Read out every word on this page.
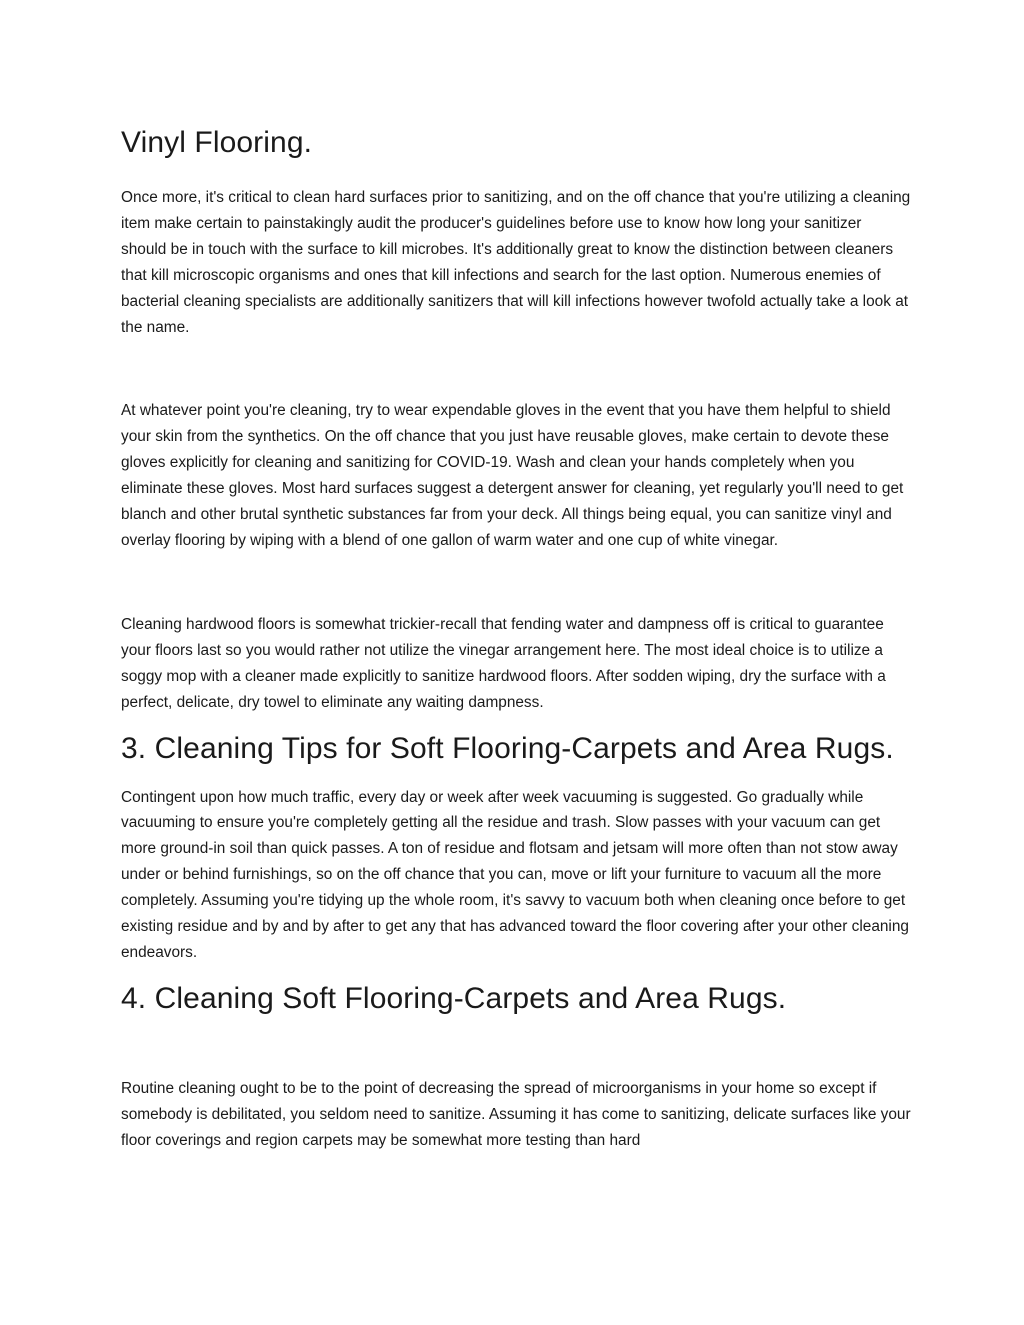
Vinyl Flooring.

Once more, it's critical to clean hard surfaces prior to sanitizing, and on the off chance that you're utilizing a cleaning item make certain to painstakingly audit the producer's guidelines before use to know how long your sanitizer should be in touch with the surface to kill microbes. It's additionally great to know the distinction between cleaners that kill microscopic organisms and ones that kill infections and search for the last option. Numerous enemies of bacterial cleaning specialists are additionally sanitizers that will kill infections however twofold actually take a look at the name.

At whatever point you're cleaning, try to wear expendable gloves in the event that you have them helpful to shield your skin from the synthetics. On the off chance that you just have reusable gloves, make certain to devote these gloves explicitly for cleaning and sanitizing for COVID-19. Wash and clean your hands completely when you eliminate these gloves. Most hard surfaces suggest a detergent answer for cleaning, yet regularly you'll need to get blanch and other brutal synthetic substances far from your deck. All things being equal, you can sanitize vinyl and overlay flooring by wiping with a blend of one gallon of warm water and one cup of white vinegar.

Cleaning hardwood floors is somewhat trickier-recall that fending water and dampness off is critical to guarantee your floors last so you would rather not utilize the vinegar arrangement here. The most ideal choice is to utilize a soggy mop with a cleaner made explicitly to sanitize hardwood floors. After sodden wiping, dry the surface with a perfect, delicate, dry towel to eliminate any waiting dampness.

3. Cleaning Tips for Soft Flooring-Carpets and Area Rugs.

Contingent upon how much traffic, every day or week after week vacuuming is suggested. Go gradually while vacuuming to ensure you're completely getting all the residue and trash. Slow passes with your vacuum can get more ground-in soil than quick passes. A ton of residue and flotsam and jetsam will more often than not stow away under or behind furnishings, so on the off chance that you can, move or lift your furniture to vacuum all the more completely. Assuming you're tidying up the whole room, it's savvy to vacuum both when cleaning once before to get existing residue and by and by after to get any that has advanced toward the floor covering after your other cleaning endeavors.

4. Cleaning Soft Flooring-Carpets and Area Rugs.

Routine cleaning ought to be to the point of decreasing the spread of microorganisms in your home so except if somebody is debilitated, you seldom need to sanitize. Assuming it has come to sanitizing, delicate surfaces like your floor coverings and region carpets may be somewhat more testing than hard
